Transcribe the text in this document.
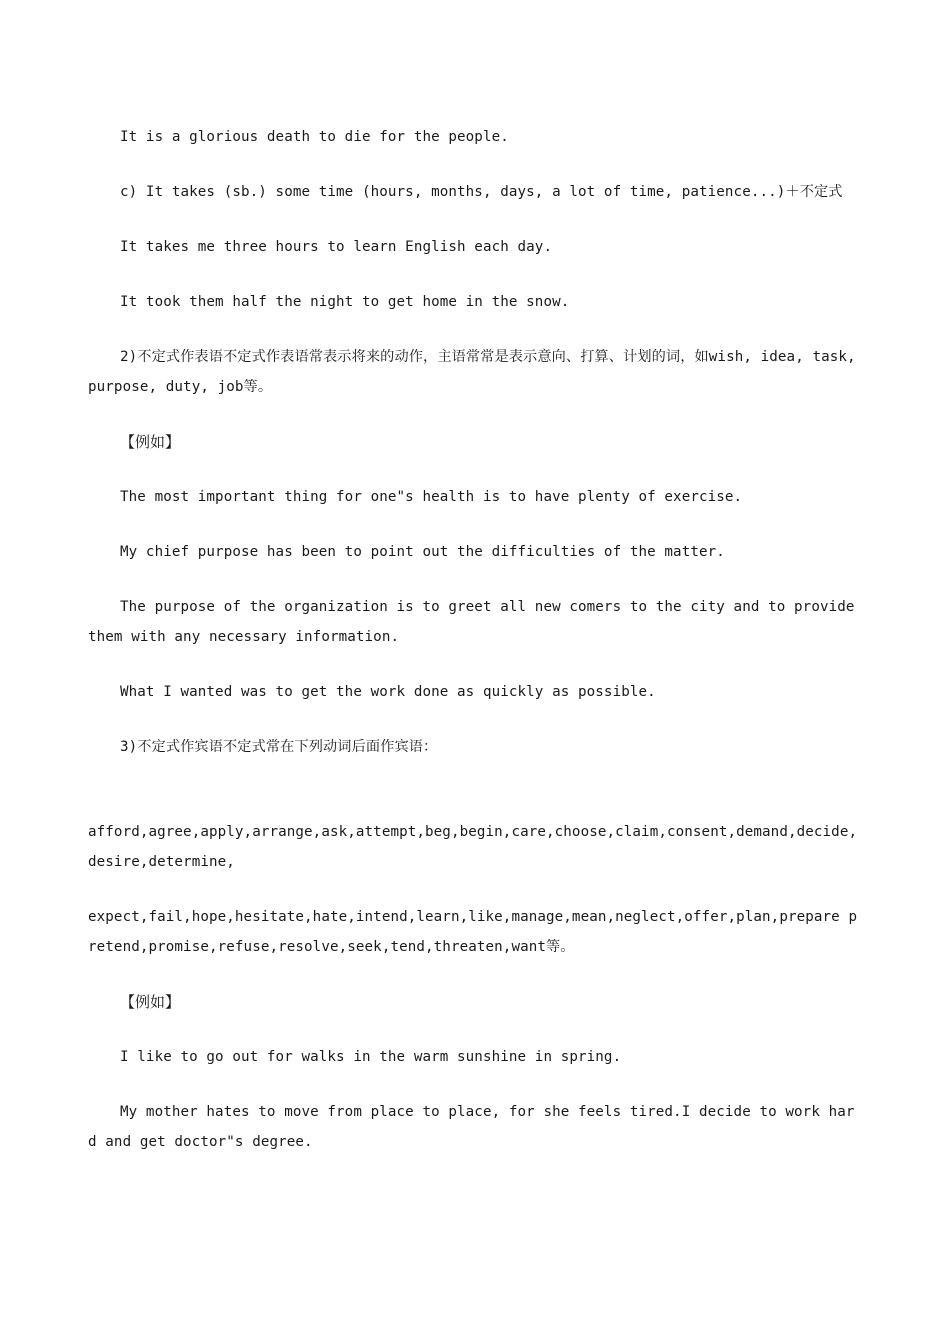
It is a glorious death to die for the people.
c) It takes (sb.) some time (hours, months, days, a lot of time, patience...)＋不定式
It takes me three hours to learn English each day.
It took them half the night to get home in the snow.
2)不定式作表语不定式作表语常表示将来的动作，主语常常是表示意向、打算、计划的词，如wish, idea, task, purpose, duty, job等。
【例如】
The most important thing for one"s health is to have plenty of exercise.
My chief purpose has been to point out the difficulties of the matter.
The purpose of the organization is to greet all new comers to the city and to provide them with any necessary information.
What I wanted was to get the work done as quickly as possible.
3)不定式作宾语不定式常在下列动词后面作宾语：
afford,agree,apply,arrange,ask,attempt,beg,begin,care,choose,claim,consent,demand,decide,desire,determine,
expect,fail,hope,hesitate,hate,intend,learn,like,manage,mean,neglect,offer,plan,prepare pretend,promise,refuse,resolve,seek,tend,threaten,want等。
【例如】
I like to go out for walks in the warm sunshine in spring.
My mother hates to move from place to place, for she feels tired.I decide to work hard and get doctor"s degree.
